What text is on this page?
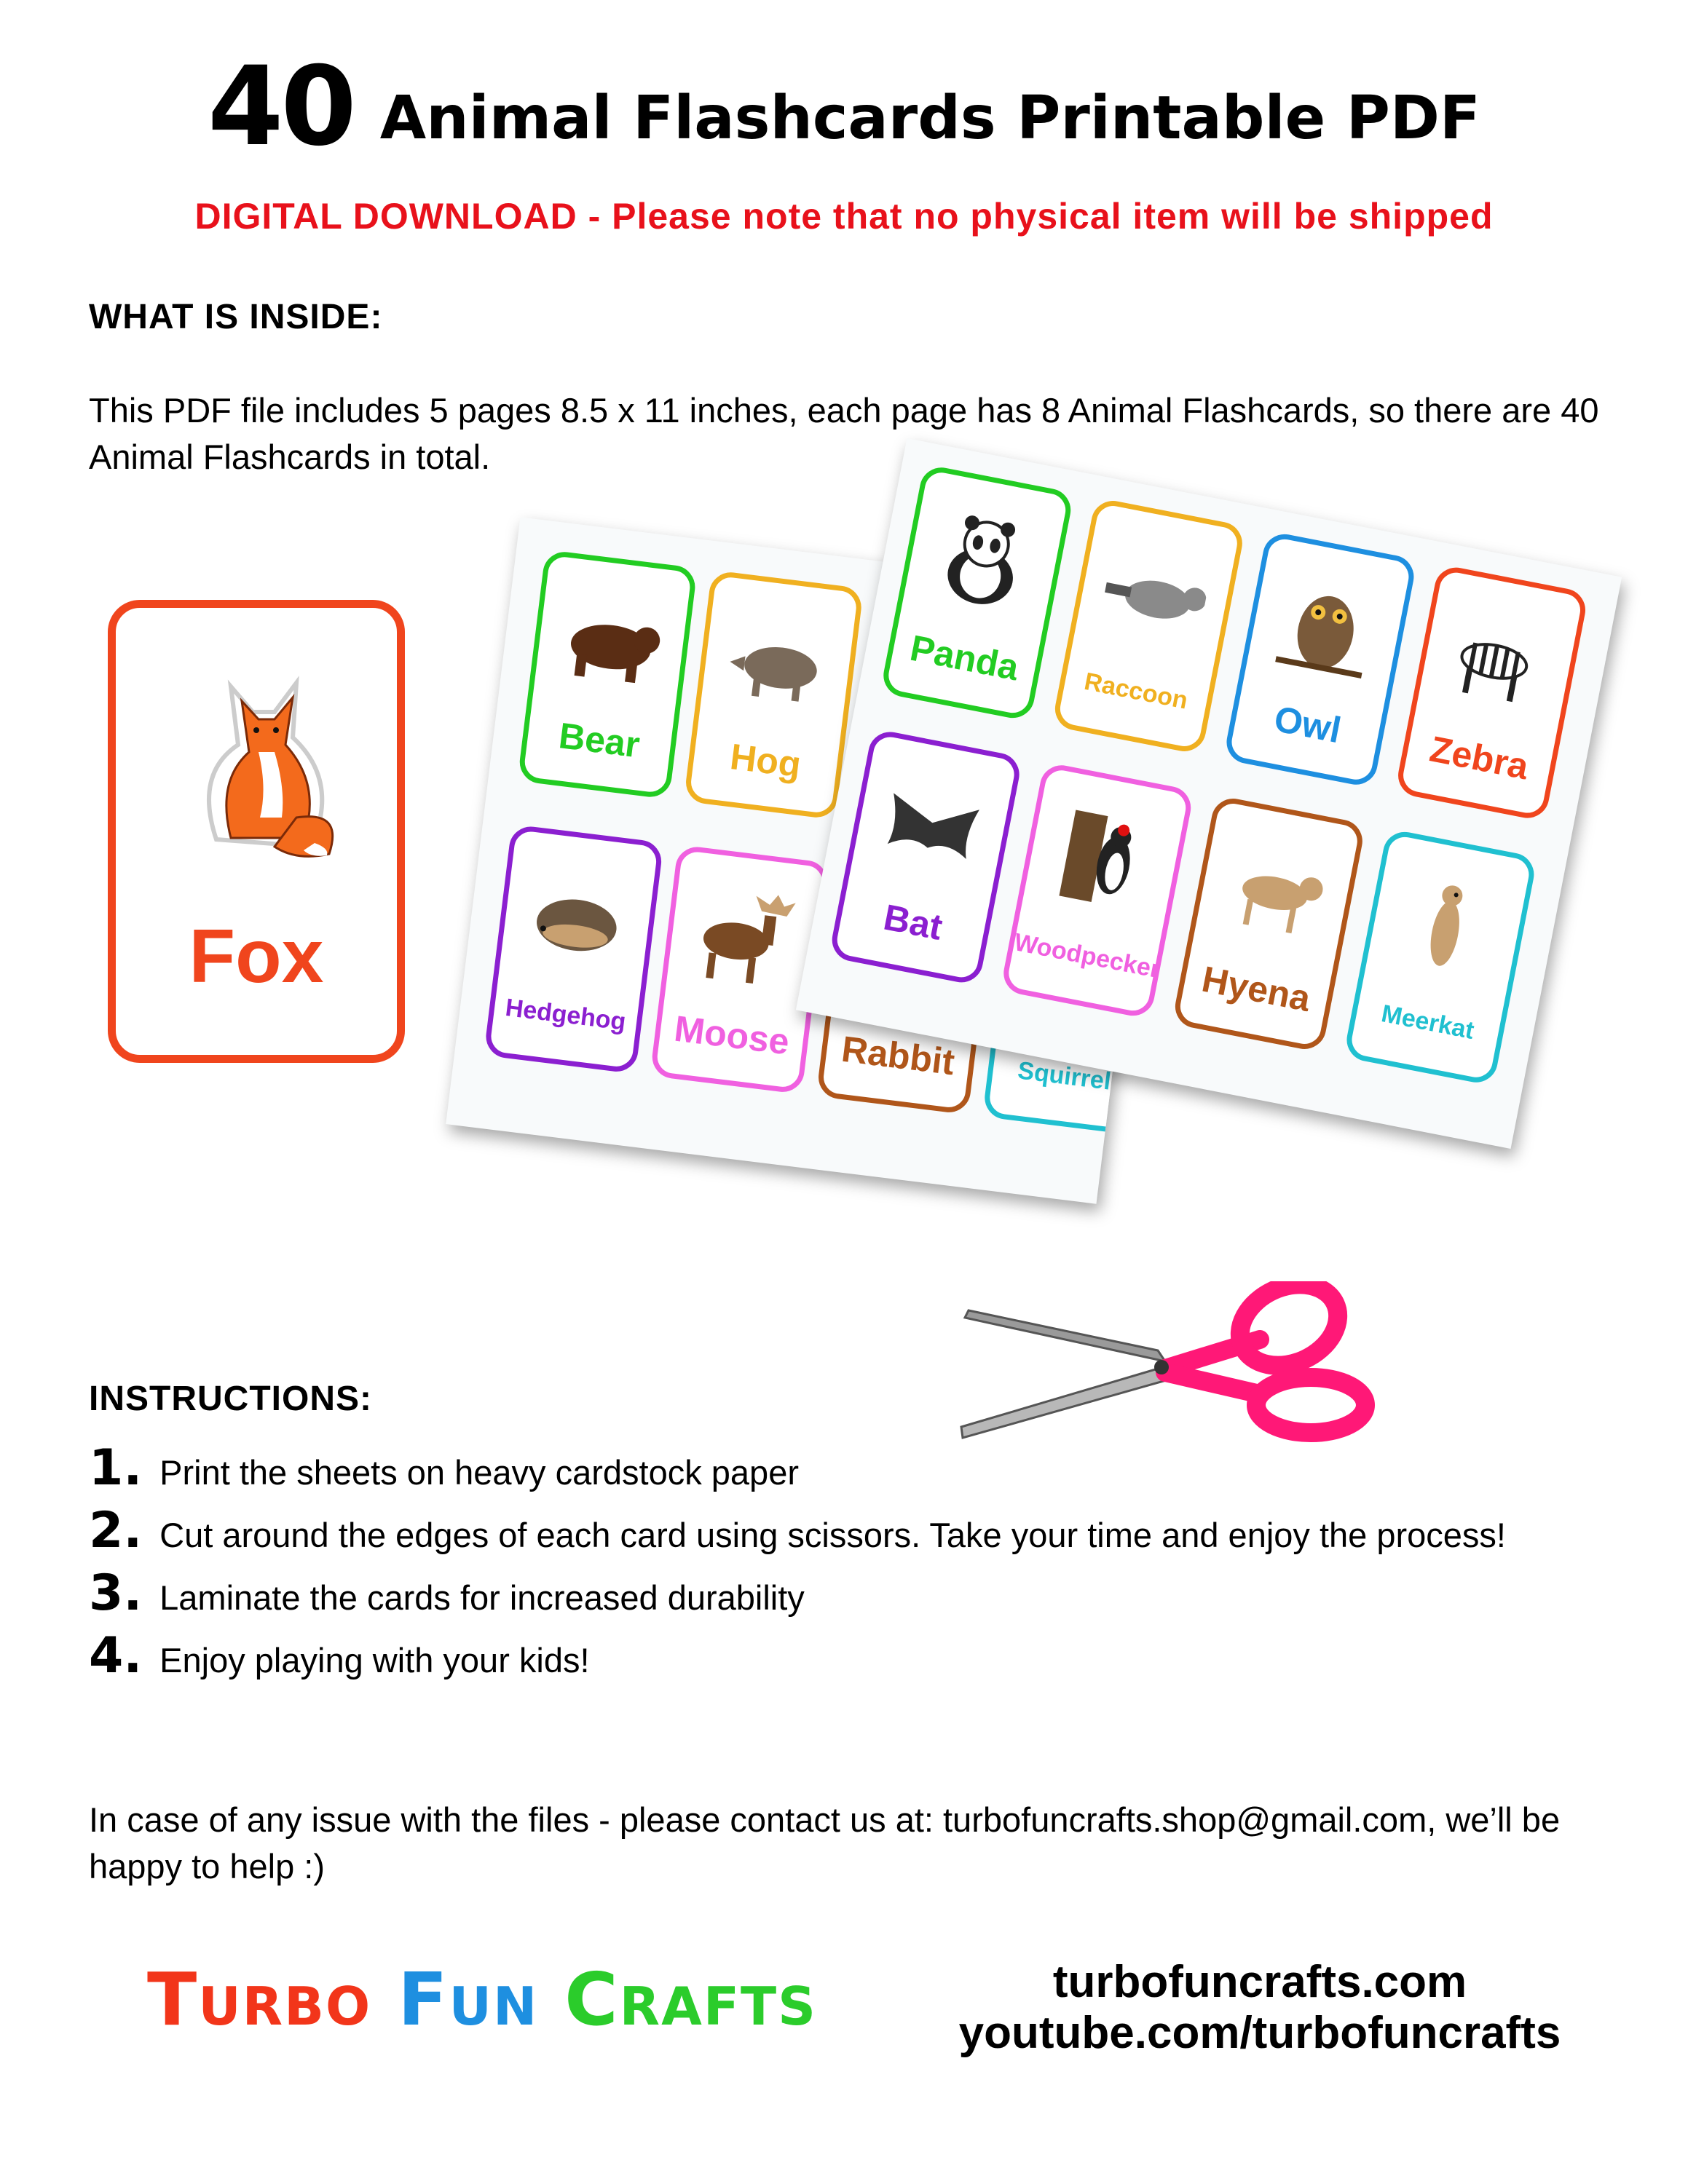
40 Animal Flashcards Printable PDF
DIGITAL DOWNLOAD - Please note that no physical item will be shipped
WHAT IS INSIDE:
This PDF file includes 5 pages 8.5 x 11 inches, each page has 8 Animal Flashcards, so there are 40 Animal Flashcards in total.
Fox
Bear	Hog
Hedgehog	Moose	Rabbit	Squirrel
Panda
Raccoon
Owl
Zebra
Bat
Woodpecker
Hyena
Meerkat
INSTRUCTIONS:
1. Print the sheets on heavy cardstock paper
2. Cut around the edges of each card using scissors. Take your time and enjoy the process!
3. Laminate the cards for increased durability
4. Enjoy playing with your kids!
In case of any issue with the files - please contact us at: turbofuncrafts.shop@gmail.com, we’ll be happy to help :)
TURBO FUN CRAFTS	turbofuncrafts.com
youtube.com/turbofuncrafts
